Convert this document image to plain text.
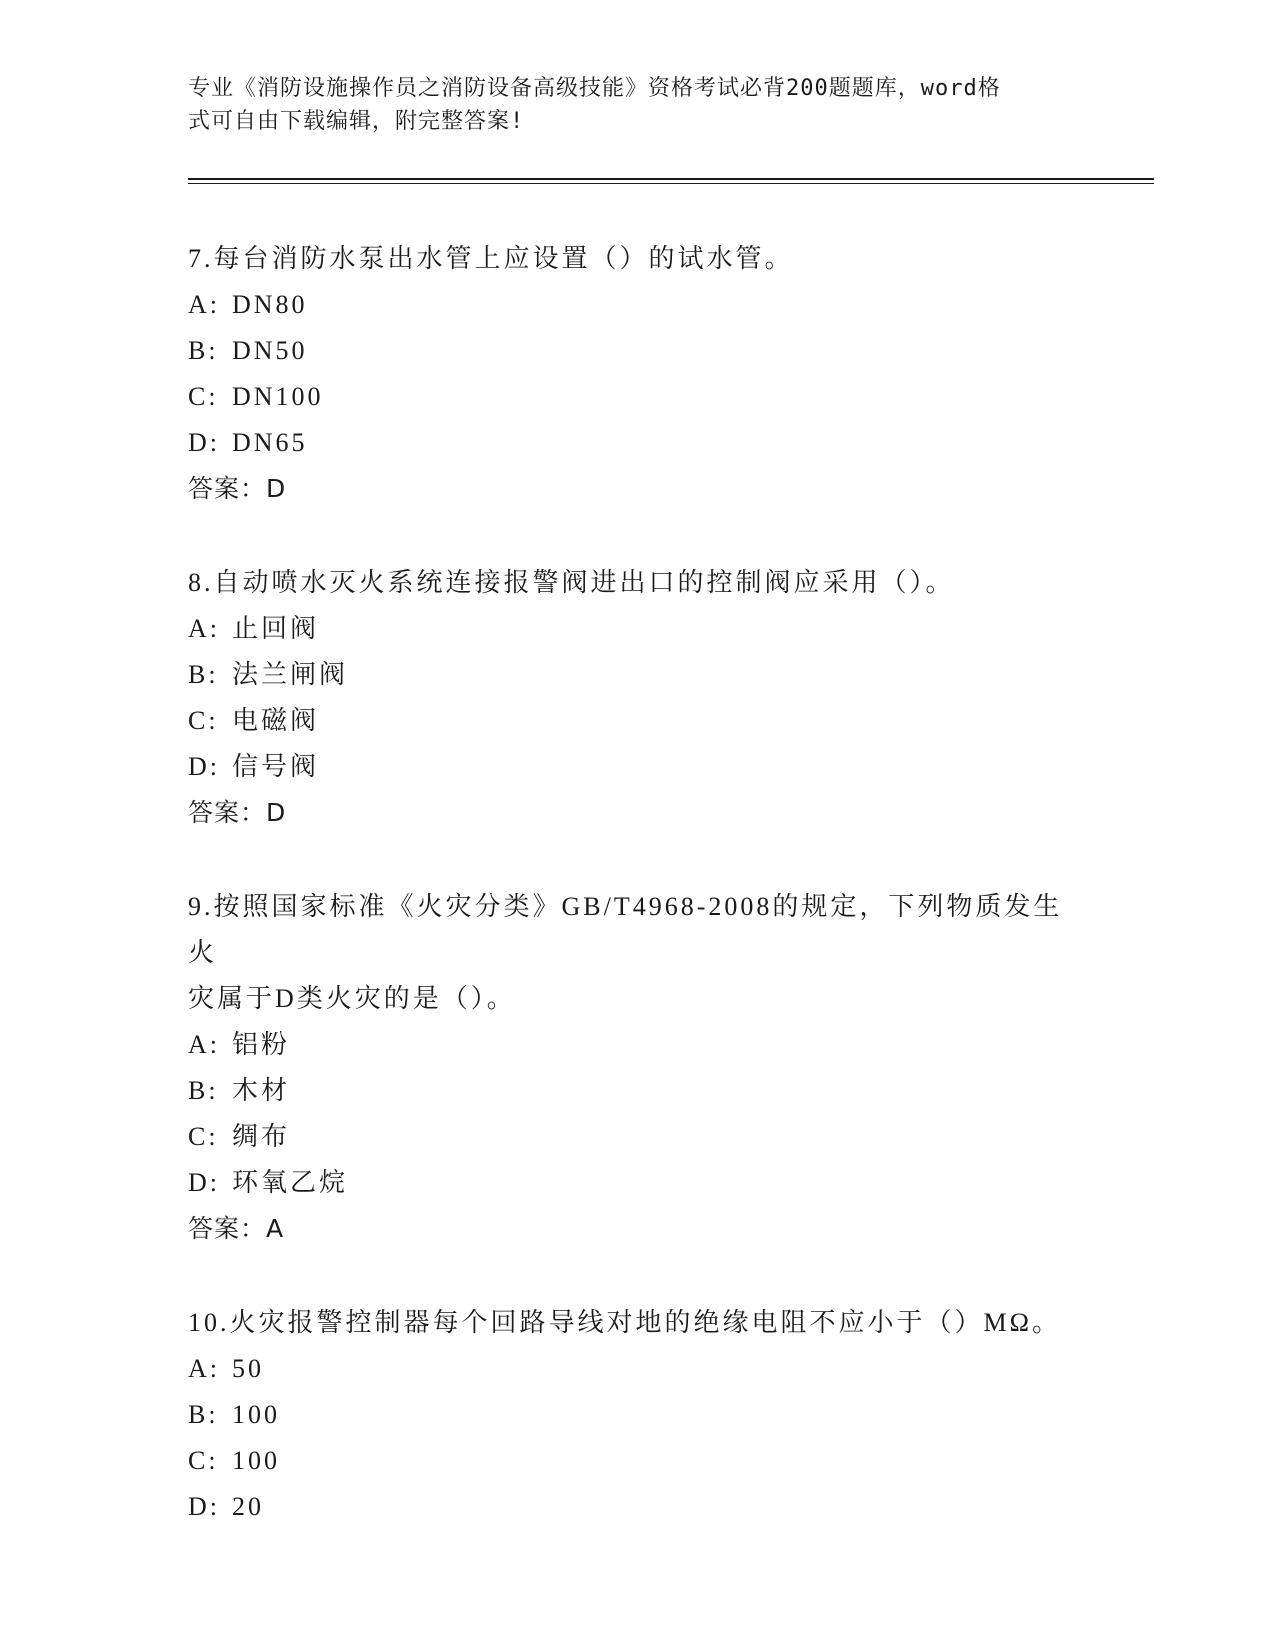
专业《消防设施操作员之消防设备高级技能》资格考试必背200题题库，word格
式可自由下载编辑，附完整答案!

7.每台消防水泵出水管上应设置（）的试水管。

A: DN80
B: DN50
C: DN100
D: DN65
答案：D

8.自动喷水灭火系统连接报警阀进出口的控制阀应采用（）。

A: 止回阀
B: 法兰闸阀
C: 电磁阀
D: 信号阀
答案：D

9.按照国家标准《火灾分类》GB/T4968-2008的规定，下列物质发生火

灾属于D类火灾的是（）。

A: 铝粉
B: 木材
C: 绸布
D: 环氧乙烷
答案：A

10.火灾报警控制器每个回路导线对地的绝缘电阻不应小于（）MΩ。

A: 50
B: 100
C: 100
D: 20
